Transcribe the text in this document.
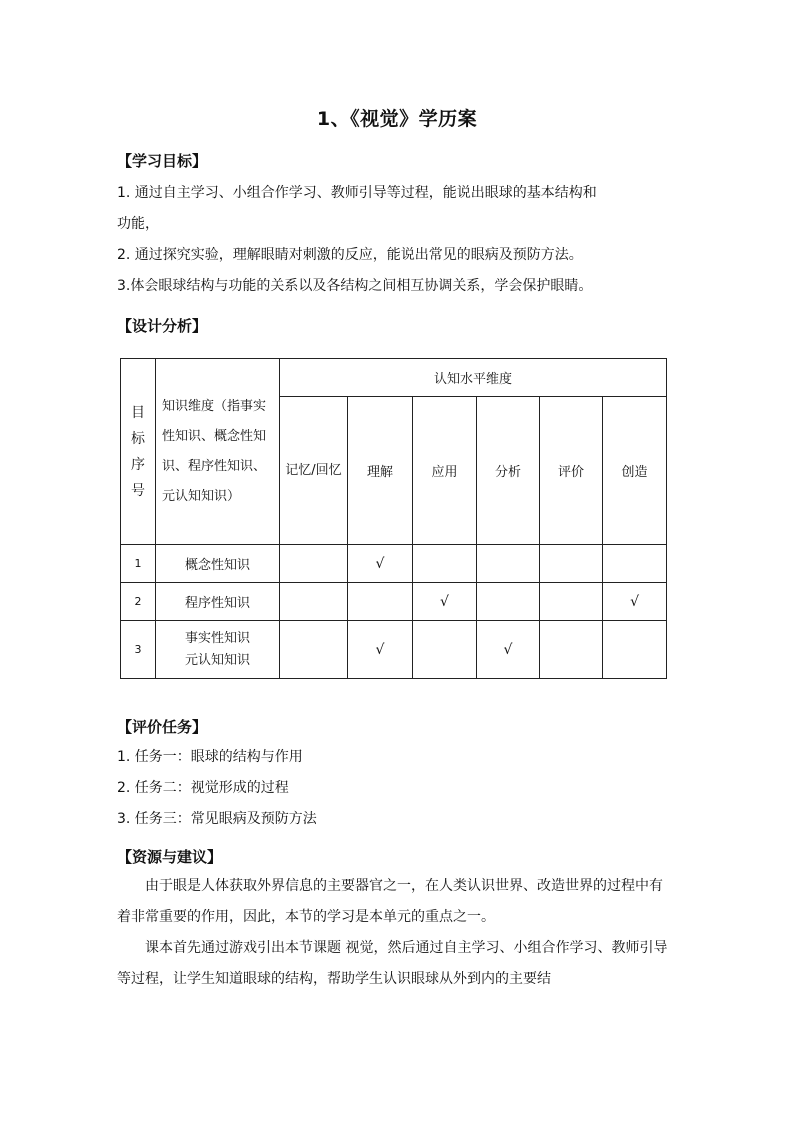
1、《视觉》学历案
【学习目标】
1. 通过自主学习、小组合作学习、教师引导等过程，能说出眼球的基本结构和
功能，
2. 通过探究实验，理解眼睛对刺激的反应，能说出常见的眼病及预防方法。
3.体会眼球结构与功能的关系以及各结构之间相互协调关系，学会保护眼睛。
【设计分析】
目
标
序
号	知识维度（指事实性知识、概念性知识、程序性知识、元认知知识）	认知水平维度					
		记忆/回忆	理解	应用	分析	评价	创造
1	概念性知识		√				
2	程序性知识			√			√
3	事实性知识
元认知知识		√		√		
【评价任务】
1. 任务一：眼球的结构与作用
2. 任务二：视觉形成的过程
3. 任务三：常见眼病及预防方法
【资源与建议】
由于眼是人体获取外界信息的主要器官之一，在人类认识世界、改造世界的过程中有着非常重要的作用，因此，本节的学习是本单元的重点之一。
课本首先通过游戏引出本节课题 视觉，然后通过自主学习、小组合作学习、教师引导等过程，让学生知道眼球的结构，帮助学生认识眼球从外到内的主要结
